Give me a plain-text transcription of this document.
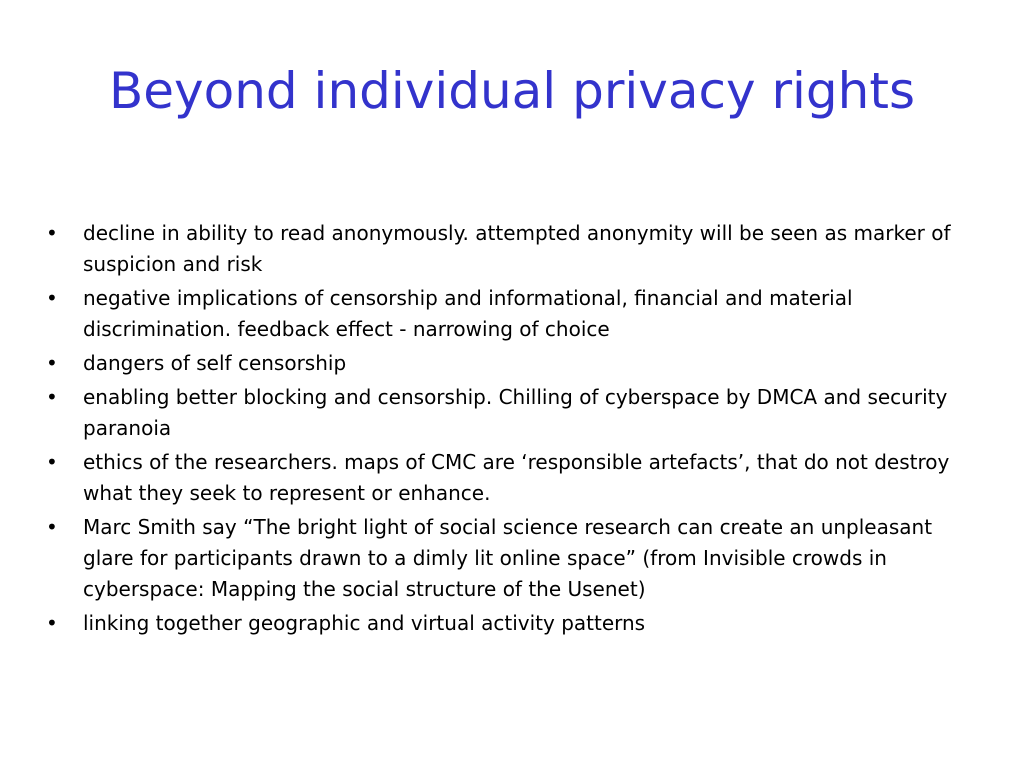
Beyond individual privacy rights
• decline in ability to read anonymously. attempted anonymity will be seen as marker of suspicion and risk
• negative implications of censorship and informational, financial and material discrimination. feedback effect - narrowing of choice
• dangers of self censorship
• enabling better blocking and censorship. Chilling of cyberspace by DMCA and security paranoia
• ethics of the researchers. maps of CMC are ‘responsible artefacts’, that do not destroy what they seek to represent or enhance.
• Marc Smith say “The bright light of social science research can create an unpleasant glare for participants drawn to a dimly lit online space” (from Invisible crowds in cyberspace: Mapping the social structure of the Usenet)
• linking together geographic and virtual activity patterns
